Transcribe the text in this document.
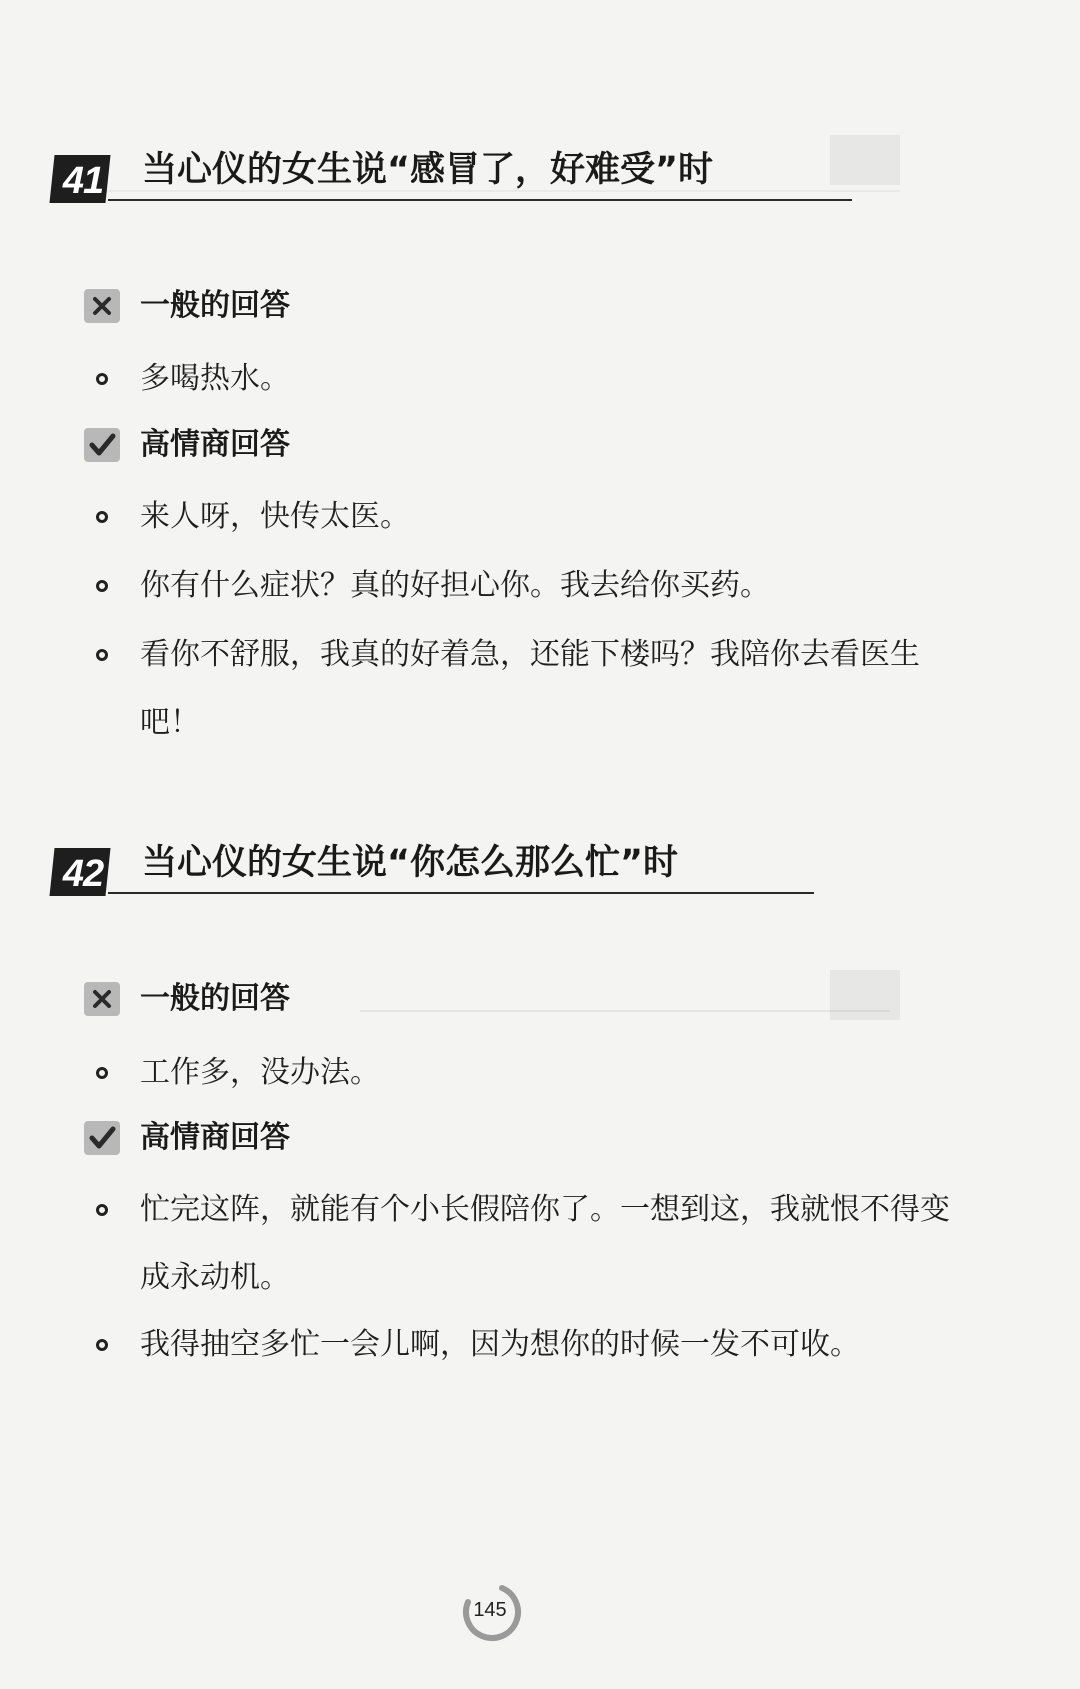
41 当心仪的女生说“感冒了，好难受”时
一般的回答
多喝热水。
高情商回答
来人呀，快传太医。
你有什么症状？真的好担心你。我去给你买药。
看你不舒服，我真的好着急，还能下楼吗？我陪你去看医生吧！
42 当心仪的女生说“你怎么那么忙”时
一般的回答
工作多，没办法。
高情商回答
忙完这阵，就能有个小长假陪你了。一想到这，我就恨不得变成永动机。
我得抽空多忙一会儿啊，因为想你的时候一发不可收。
145
